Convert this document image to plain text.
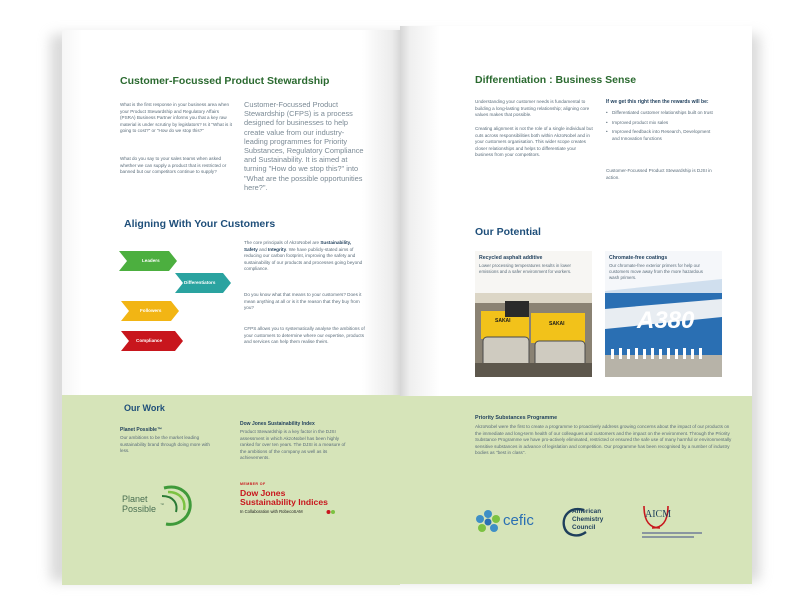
Customer-Focussed Product Stewardship
What is the first response in your business area when your Product Stewardship and Regulatory Affairs (PSRA) Business Partner informs you that a key raw material is under scrutiny by legislators? Is it "What is it going to cost?" or "How do we stop this?"
What do you say to your sales teams when asked whether we can supply a product that is restricted or banned but our competitors continue to supply?
Customer-Focussed Product Stewardship (CFPS) is a process designed for businesses to help create value from our industry-leading programmes for Priority Substances, Regulatory Compliance and Sustainability. It is aimed at turning "How do we stop this?" into "What are the possible opportunities here?".
Aligning With Your Customers
Leaders
Differentiators
Followers
Compliance
The core principals of AkzoNobel are Sustainability, Safety and Integrity. We have publicly-stated aims of reducing our carbon footprint, improving the safety and sustainability of our products and processes going beyond compliance.
Do you know what that means to your customers? Does it mean anything at all or is it the reason that they buy from you?
CFPS allows you to systematically analyse the ambitions of your customers to determine where our expertise, products and services can help them realise theirs.
Our Work
Planet Possible™
Our ambitions to be the market leading sustainability brand through doing more with less.
Dow Jones Sustainability Index
Product Stewardship is a key factor in the DJSI assessment in which AkzoNobel has been highly ranked for over ten years. The DJSI is a measure of the ambitions of the company as well as its achievements.
Planet
Possible ™
MEMBER OF
Dow Jones
Sustainability Indices
In Collaboration with RobecoSAM
Differentiation : Business Sense
Understanding your customer needs is fundamental to building a long-lasting trusting relationship; aligning core values makes that possible.
Creating alignment is not the role of a single individual but cuts across responsibilities both within AkzoNobel and in your customers organisation. This wider scope creates closer relationships and helps to differentiate your business from your competitors.
If we get this right then the rewards will be:
• Differentiated customer relationships built on trust
• Improved product mix sales
• Improved feedback into Research, Development and Innovation functions
Customer-Focussed Product Stewardship is DJSI in action.
Our Potential
SAKAI	SAKAI
Recycled asphalt additive
Lower processing temperatures results in lower emissions and a safer environment for workers.
A380
Chromate-free coatings
Our chromate-free exterior primers for help our customers move away from the more hazardous wash primers.
Priority Substances Programme
AkzoNobel were the first to create a programme to proactively address growing concerns about the impact of our products on the immediate and long-term health of our colleagues and customers and the impact on the environment. Through the Priority Substance Programme we have pro-actively eliminated, restricted or ensured the safe use of many harmful or environmentally sensitive substances in advance of legislation and competition. Our programme has been recognised by a number of industry bodies as "best in class".
cefic
American
Chemistry
Council
AICM
